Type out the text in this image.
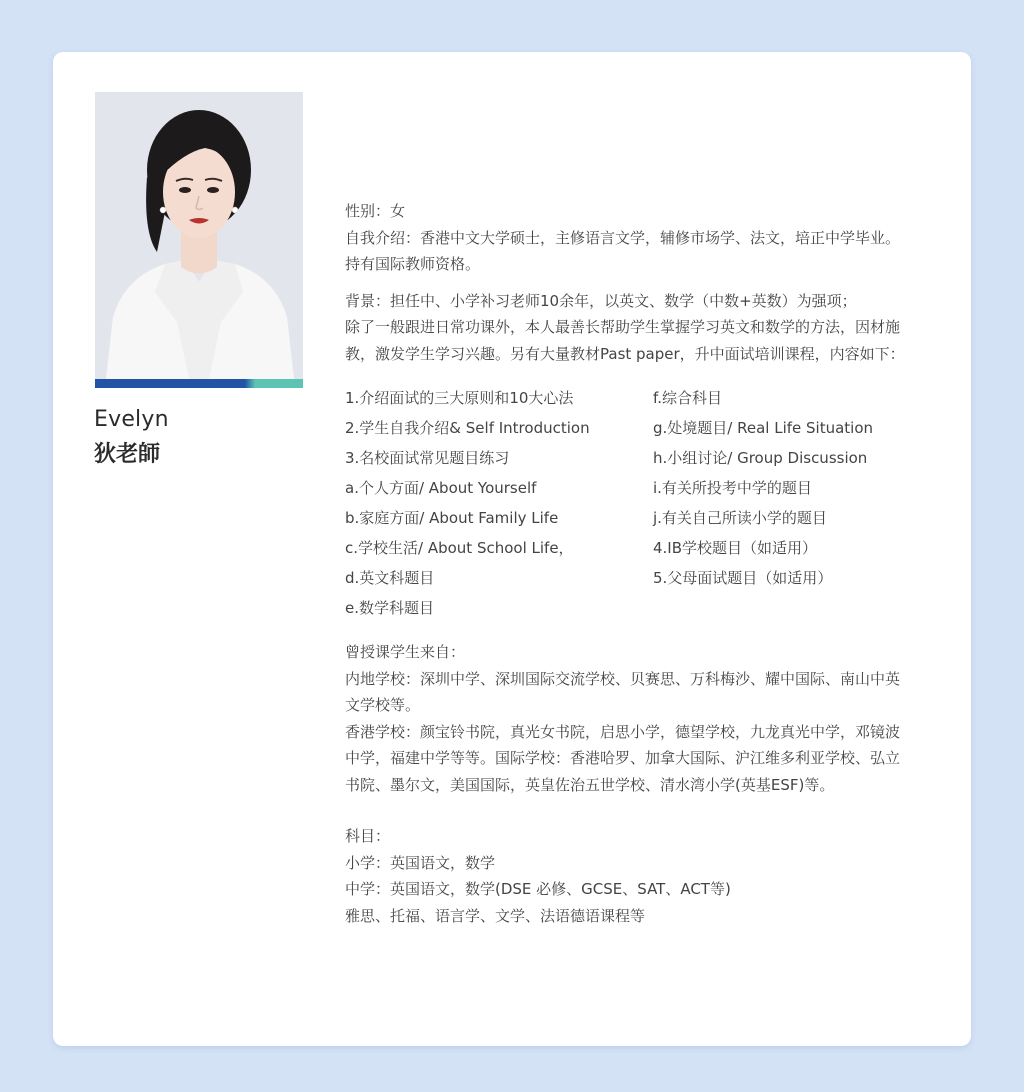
Evelyn
狄老師

性别：女

自我介绍：香港中文大学硕士，主修语言文学，辅修市场学、法文，培正中学毕业。持有国际教师资格。

背景：担任中、小学补习老师10余年，以英文、数学（中数+英数）为强项；

除了一般跟进日常功课外，本人最善长帮助学生掌握学习英文和数学的方法，因材施教，激发学生学习兴趣。另有大量教材Past paper，升中面试培训课程，内容如下：

1.介绍面试的三大原则和10大心法

2.学生自我介绍& Self Introduction

3.名校面试常见题目练习

a.个人方面/ About Yourself

b.家庭方面/ About Family Life

c.学校生活/ About School Life，

d.英文科题目

e.数学科题目

f.综合科目

g.处境题目/ Real Life Situation

h.小组讨论/ Group Discussion

i.有关所投考中学的题目

j.有关自己所读小学的题目

4.IB学校题目（如适用）

5.父母面试题目（如适用）

曾授课学生来自：

内地学校：深圳中学、深圳国际交流学校、贝赛思、万科梅沙、耀中国际、南山中英文学校等。

香港学校：颜宝铃书院，真光女书院，启思小学，德望学校，九龙真光中学，邓镜波中学，福建中学等等。国际学校：香港哈罗、加拿大国际、沪江维多利亚学校、弘立书院、墨尔文，美国国际，英皇佐治五世学校、清水湾小学(英基ESF)等。

科目：

小学：英国语文，数学

中学：英国语文，数学(DSE 必修、GCSE、SAT、ACT等)

雅思、托福、语言学、文学、法语德语课程等
